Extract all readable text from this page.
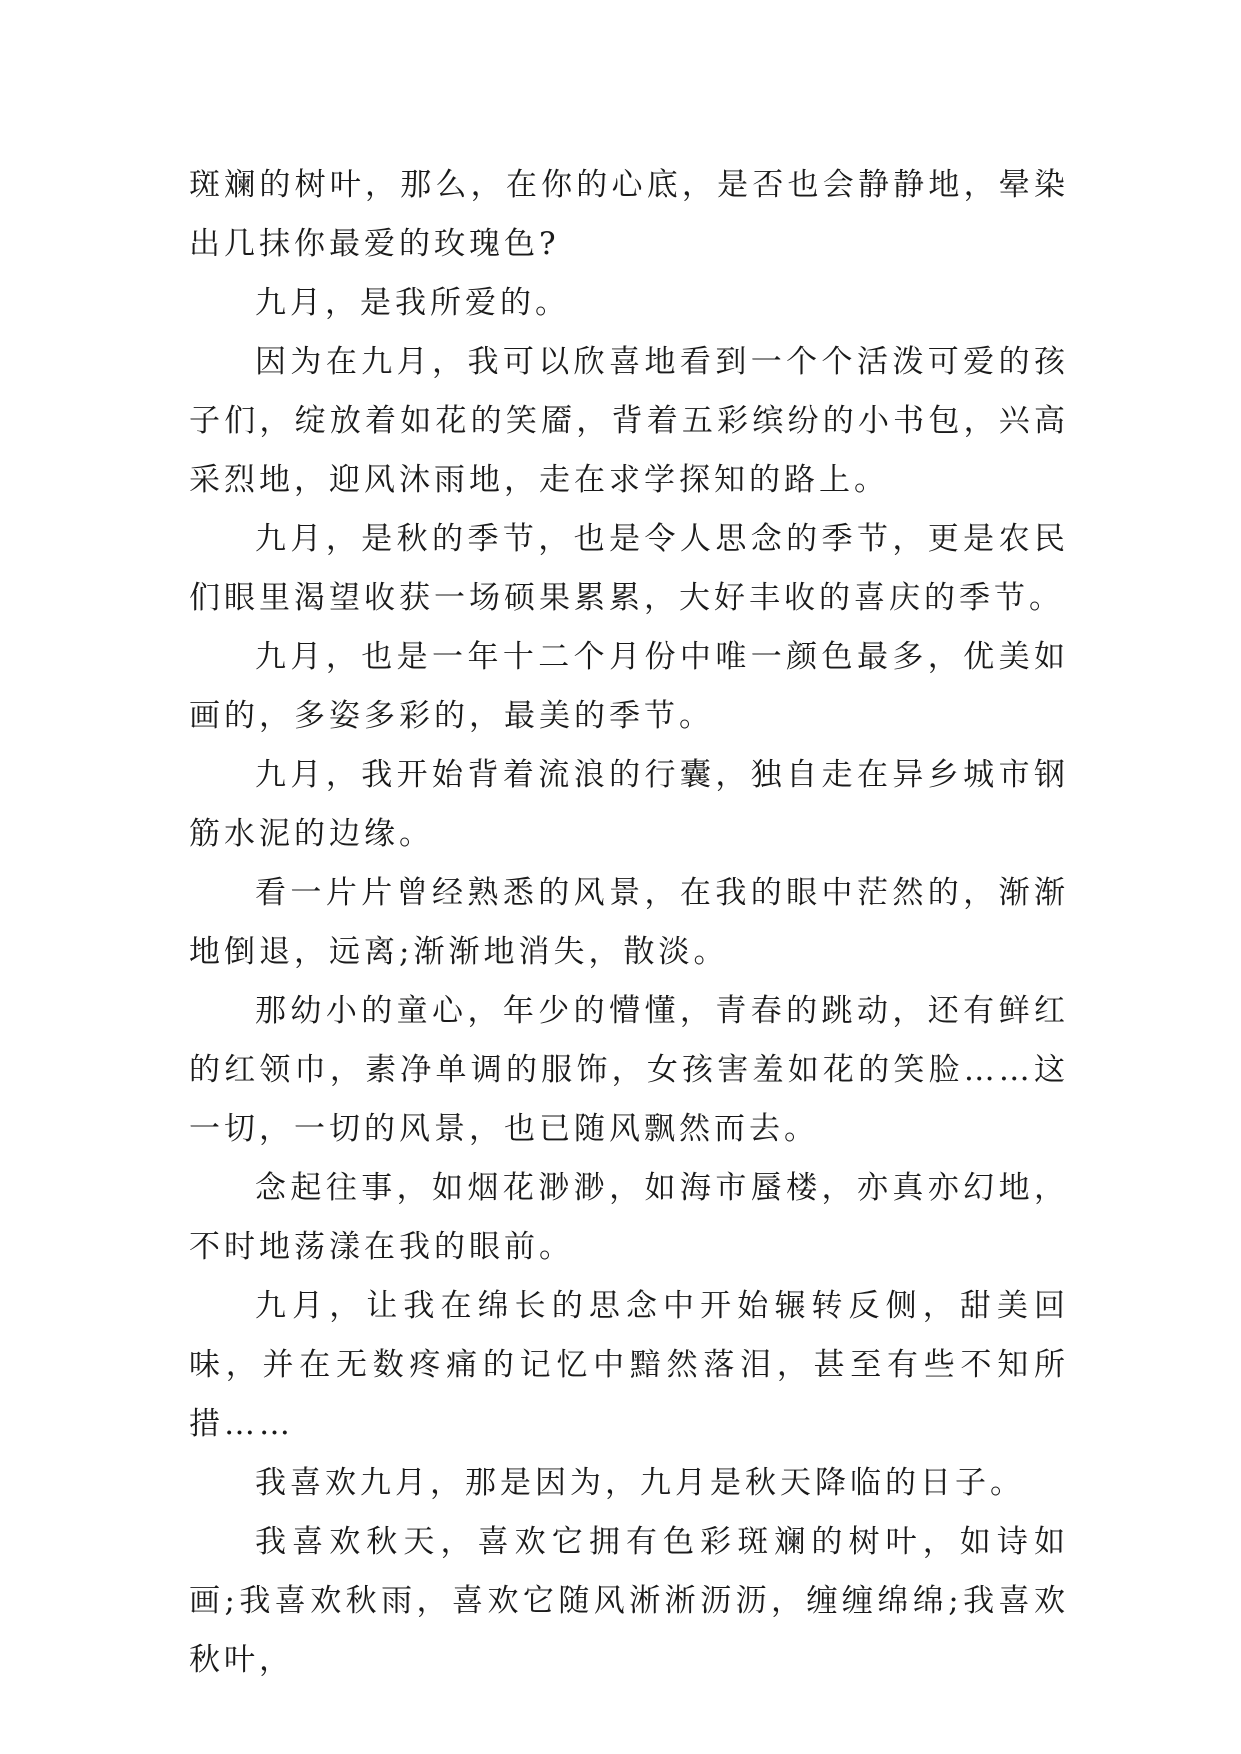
斑斓的树叶，那么，在你的心底，是否也会静静地，晕染出几抹你最爱的玫瑰色?

九月，是我所爱的。

因为在九月，我可以欣喜地看到一个个活泼可爱的孩子们，绽放着如花的笑靥，背着五彩缤纷的小书包，兴高采烈地，迎风沐雨地，走在求学探知的路上。

九月，是秋的季节，也是令人思念的季节，更是农民们眼里渴望收获一场硕果累累，大好丰收的喜庆的季节。

九月，也是一年十二个月份中唯一颜色最多，优美如画的，多姿多彩的，最美的季节。

九月，我开始背着流浪的行囊，独自走在异乡城市钢筋水泥的边缘。

看一片片曾经熟悉的风景，在我的眼中茫然的，渐渐地倒退，远离;渐渐地消失，散淡。

那幼小的童心，年少的懵懂，青春的跳动，还有鲜红的红领巾，素净单调的服饰，女孩害羞如花的笑脸……这一切，一切的风景，也已随风飘然而去。

念起往事，如烟花渺渺，如海市蜃楼，亦真亦幻地，不时地荡漾在我的眼前。

九月，让我在绵长的思念中开始辗转反侧，甜美回味，并在无数疼痛的记忆中黯然落泪，甚至有些不知所措……

我喜欢九月，那是因为，九月是秋天降临的日子。

我喜欢秋天，喜欢它拥有色彩斑斓的树叶，如诗如画;我喜欢秋雨，喜欢它随风淅淅沥沥，缠缠绵绵;我喜欢秋叶，
